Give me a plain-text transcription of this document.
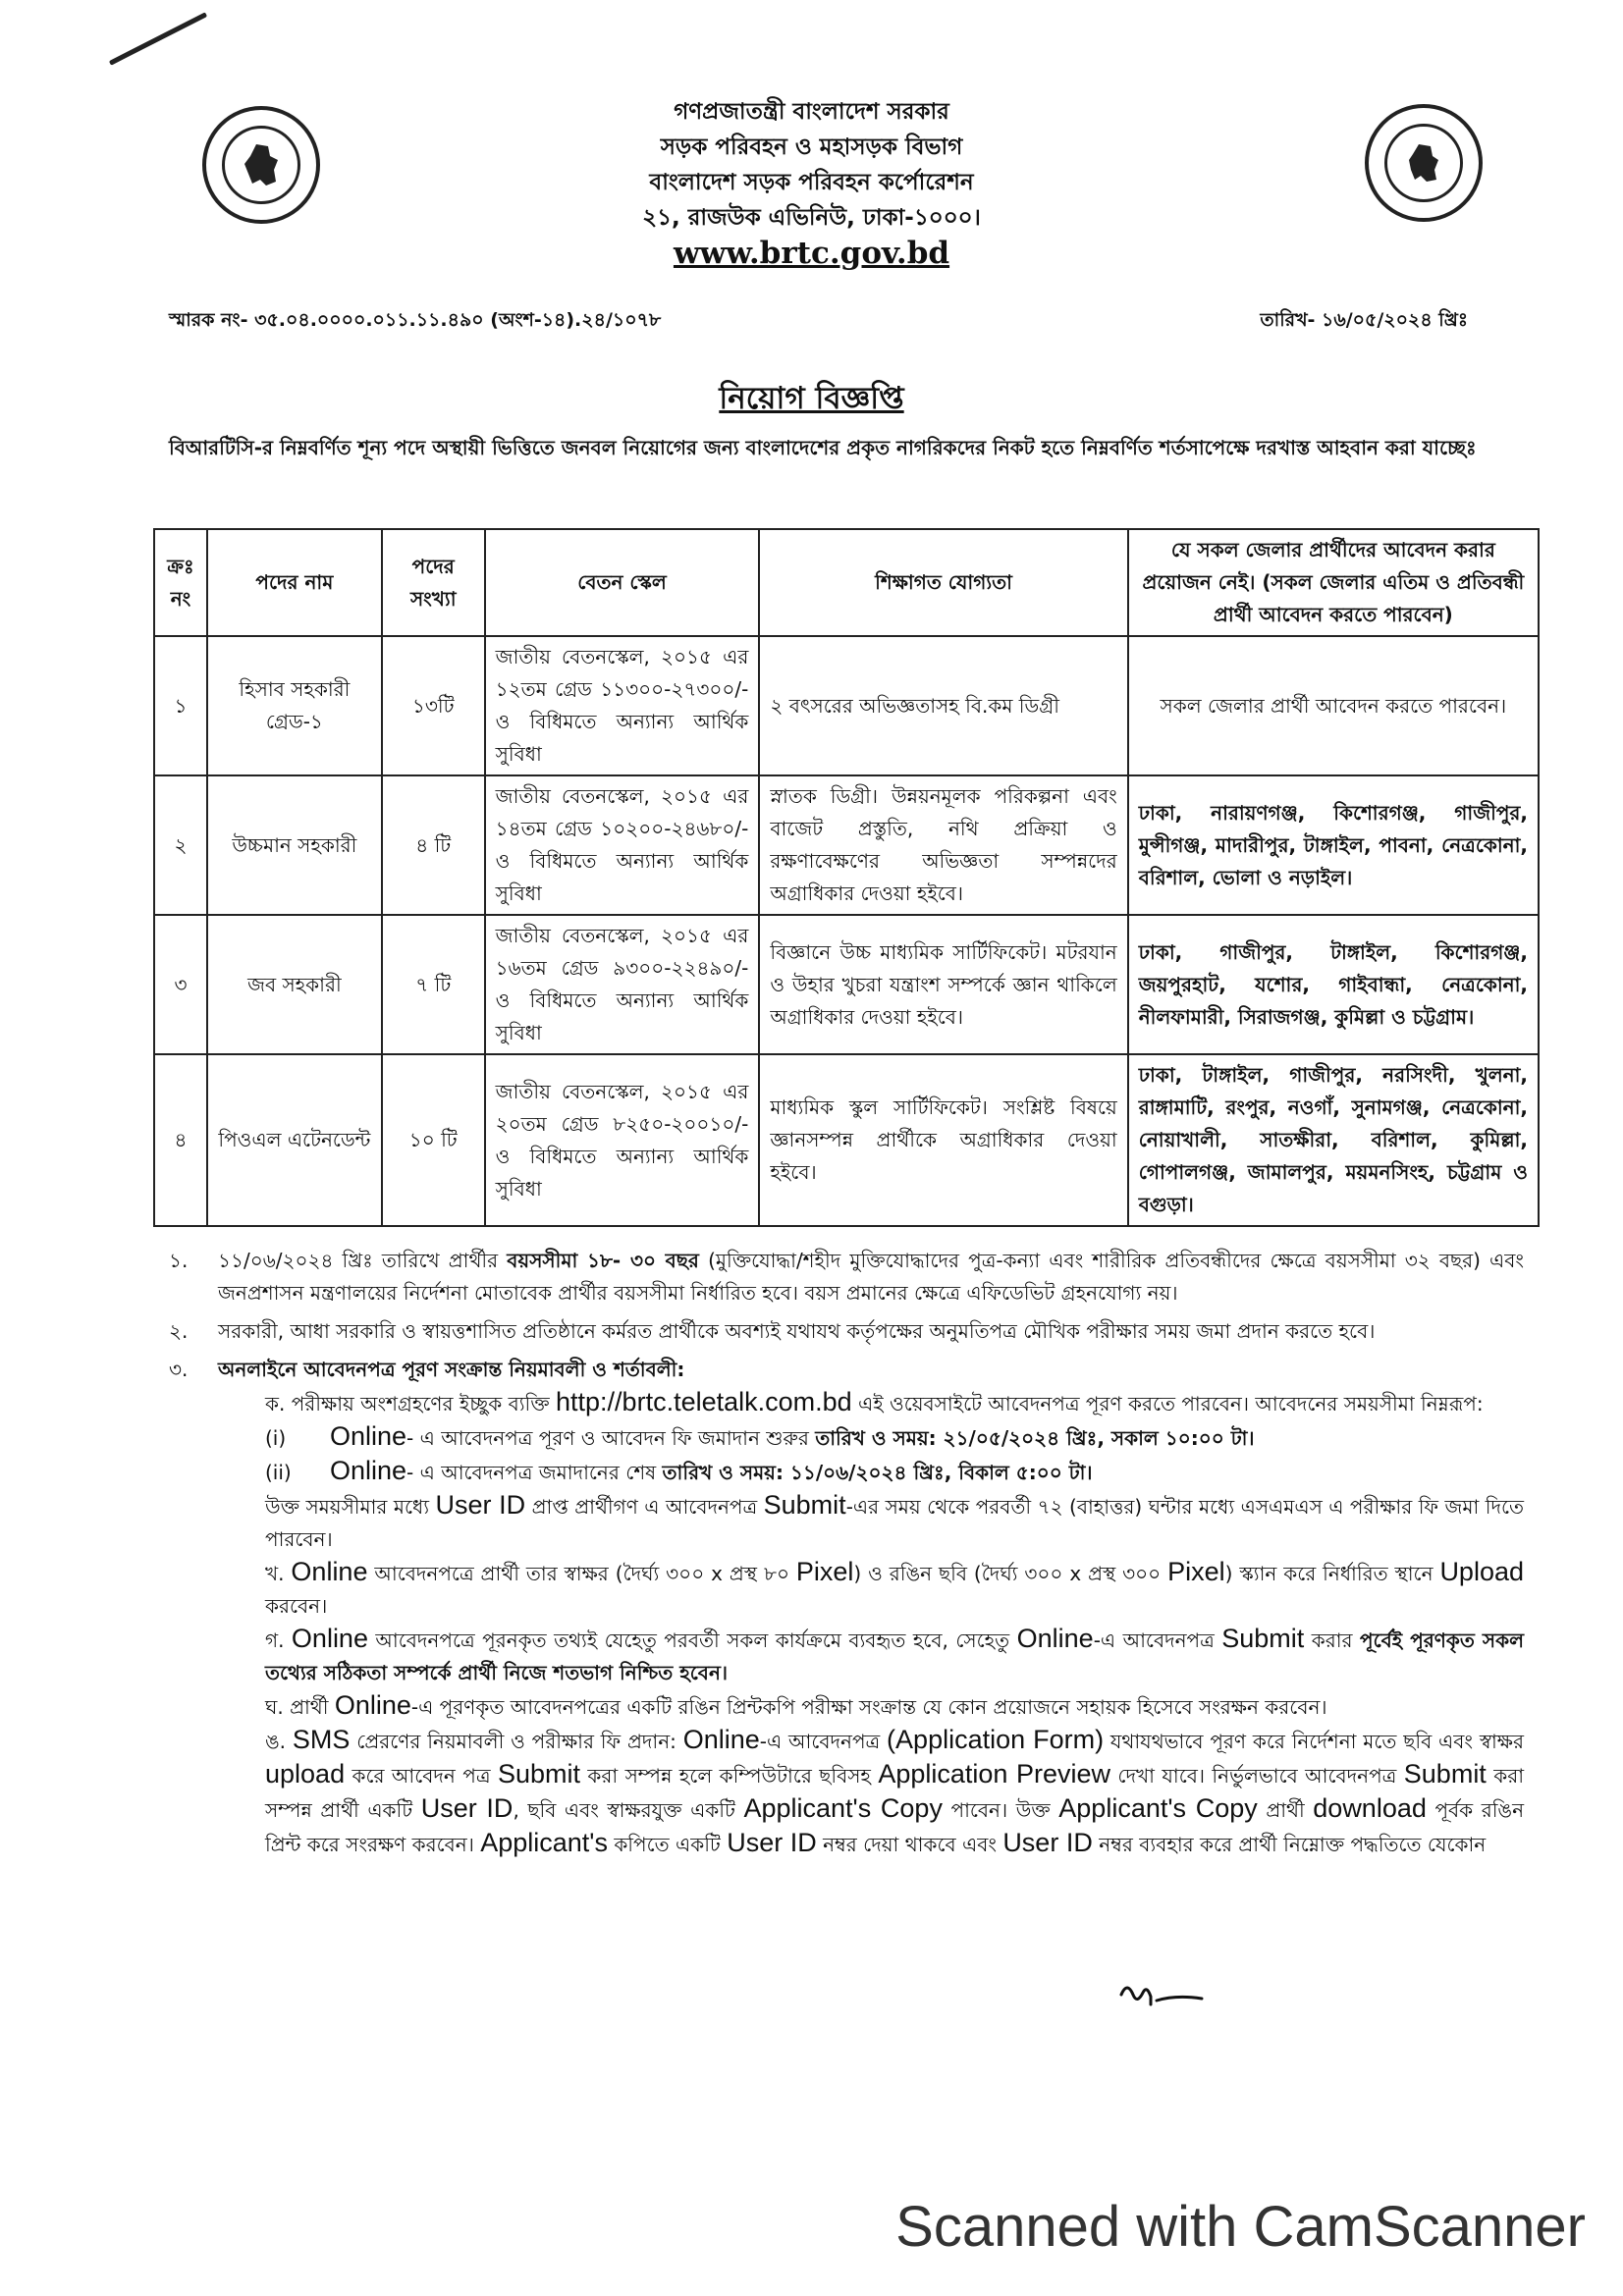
গণপ্রজাতন্ত্রী বাংলাদেশ সরকার
সড়ক পরিবহন ও মহাসড়ক বিভাগ
বাংলাদেশ সড়ক পরিবহন কর্পোরেশন
২১, রাজউক এভিনিউ, ঢাকা-১০০০।
www.brtc.gov.bd
স্মারক নং- ৩৫.০৪.০০০০.০১১.১১.৪৯০ (অংশ-১৪).২৪/১০৭৮	তারিখ- ১৬/০৫/২০২৪ খ্রিঃ
নিয়োগ বিজ্ঞপ্তি
বিআরটিসি-র নিম্নবর্ণিত শূন্য পদে অস্থায়ী ভিত্তিতে জনবল নিয়োগের জন্য বাংলাদেশের প্রকৃত নাগরিকদের নিকট হতে নিম্নবর্ণিত শর্তসাপেক্ষে দরখাস্ত আহবান করা যাচ্ছেঃ
ক্রঃ নং	পদের নাম	পদের সংখ্যা	বেতন স্কেল	শিক্ষাগত যোগ্যতা	যে সকল জেলার প্রার্থীদের আবেদন করার প্রয়োজন নেই। (সকল জেলার এতিম ও প্রতিবন্ধী প্রার্থী আবেদন করতে পারবেন)
১	হিসাব সহকারী গ্রেড-১	১৩টি	জাতীয় বেতনস্কেল, ২০১৫ এর ১২তম গ্রেড ১১৩০০-২৭৩০০/- ও বিধিমতে অন্যান্য আর্থিক সুবিধা	২ বৎসরের অভিজ্ঞতাসহ বি.কম ডিগ্রী	সকল জেলার প্রার্থী আবেদন করতে পারবেন।
২	উচ্চমান সহকারী	৪ টি	জাতীয় বেতনস্কেল, ২০১৫ এর ১৪তম গ্রেড ১০২০০-২৪৬৮০/- ও বিধিমতে অন্যান্য আর্থিক সুবিধা	স্নাতক ডিগ্রী। উন্নয়নমূলক পরিকল্পনা এবং বাজেট প্রস্তুতি, নথি প্রক্রিয়া ও রক্ষণাবেক্ষণের অভিজ্ঞতা সম্পন্নদের অগ্রাধিকার দেওয়া হইবে।	ঢাকা, নারায়ণগঞ্জ, কিশোরগঞ্জ, গাজীপুর, মুন্সীগঞ্জ, মাদারীপুর, টাঙ্গাইল, পাবনা, নেত্রকোনা, বরিশাল, ভোলা ও নড়াইল।
৩	জব সহকারী	৭ টি	জাতীয় বেতনস্কেল, ২০১৫ এর ১৬তম গ্রেড ৯৩০০-২২৪৯০/- ও বিধিমতে অন্যান্য আর্থিক সুবিধা	বিজ্ঞানে উচ্চ মাধ্যমিক সার্টিফিকেট। মটরযান ও উহার খুচরা যন্ত্রাংশ সম্পর্কে জ্ঞান থাকিলে অগ্রাধিকার দেওয়া হইবে।	ঢাকা, গাজীপুর, টাঙ্গাইল, কিশোরগঞ্জ, জয়পুরহাট, যশোর, গাইবান্ধা, নেত্রকোনা, নীলফামারী, সিরাজগঞ্জ, কুমিল্লা ও চট্টগ্রাম।
৪	পিওএল এটেনডেন্ট	১০ টি	জাতীয় বেতনস্কেল, ২০১৫ এর ২০তম গ্রেড ৮২৫০-২০০১০/- ও বিধিমতে অন্যান্য আর্থিক সুবিধা	মাধ্যমিক স্কুল সার্টিফিকেট। সংশ্লিষ্ট বিষয়ে জ্ঞানসম্পন্ন প্রার্থীকে অগ্রাধিকার দেওয়া হইবে।	ঢাকা, টাঙ্গাইল, গাজীপুর, নরসিংদী, খুলনা, রাঙ্গামাটি, রংপুর, নওগাঁ, সুনামগঞ্জ, নেত্রকোনা, নোয়াখালী, সাতক্ষীরা, বরিশাল, কুমিল্লা, গোপালগঞ্জ, জামালপুর, ময়মনসিংহ, চট্টগ্রাম ও বগুড়া।
১. ১১/০৬/২০২৪ খ্রিঃ তারিখে প্রার্থীর বয়সসীমা ১৮- ৩০ বছর (মুক্তিযোদ্ধা/শহীদ মুক্তিযোদ্ধাদের পুত্র-কন্যা এবং শারীরিক প্রতিবন্ধীদের ক্ষেত্রে বয়সসীমা ৩২ বছর) এবং জনপ্রশাসন মন্ত্রণালয়ের নির্দেশনা মোতাবেক প্রার্থীর বয়সসীমা নির্ধারিত হবে। বয়স প্রমানের ক্ষেত্রে এফিডেভিট গ্রহনযোগ্য নয়।
২. সরকারী, আধা সরকারি ও স্বায়ত্তশাসিত প্রতিষ্ঠানে কর্মরত প্রার্থীকে অবশ্যই যথাযথ কর্তৃপক্ষের অনুমতিপত্র মৌখিক পরীক্ষার সময় জমা প্রদান করতে হবে।
৩. অনলাইনে আবেদনপত্র পূরণ সংক্রান্ত নিয়মাবলী ও শর্তাবলী:
ক. পরীক্ষায় অংশগ্রহণের ইচ্ছুক ব্যক্তি http://brtc.teletalk.com.bd এই ওয়েবসাইটে আবেদনপত্র পূরণ করতে পারবেন। আবেদনের সময়সীমা নিম্নরূপ:
(i) Online- এ আবেদনপত্র পূরণ ও আবেদন ফি জমাদান শুরুর তারিখ ও সময়: ২১/০৫/২০২৪ খ্রিঃ, সকাল ১০:০০ টা।
(ii) Online- এ আবেদনপত্র জমাদানের শেষ তারিখ ও সময়: ১১/০৬/২০২৪ খ্রিঃ, বিকাল ৫:০০ টা।
উক্ত সময়সীমার মধ্যে User ID প্রাপ্ত প্রার্থীগণ এ আবেদনপত্র Submit-এর সময় থেকে পরবর্তী ৭২ (বাহাত্তর) ঘন্টার মধ্যে এসএমএস এ পরীক্ষার ফি জমা দিতে পারবেন।
খ. Online আবেদনপত্রে প্রার্থী তার স্বাক্ষর (দৈর্ঘ্য ৩০০ x প্রস্থ ৮০ Pixel) ও রঙিন ছবি (দৈর্ঘ্য ৩০০ x প্রস্থ ৩০০ Pixel) স্ক্যান করে নির্ধারিত স্থানে Upload করবেন।
গ. Online আবেদনপত্রে পূরনকৃত তথ্যই যেহেতু পরবর্তী সকল কার্যক্রমে ব্যবহৃত হবে, সেহেতু Online-এ আবেদনপত্র Submit করার পূর্বেই পূরণকৃত সকল তথ্যের সঠিকতা সম্পর্কে প্রার্থী নিজে শতভাগ নিশ্চিত হবেন।
ঘ. প্রার্থী Online-এ পূরণকৃত আবেদনপত্রের একটি রঙিন প্রিন্টকপি পরীক্ষা সংক্রান্ত যে কোন প্রয়োজনে সহায়ক হিসেবে সংরক্ষন করবেন।
ঙ. SMS প্রেরণের নিয়মাবলী ও পরীক্ষার ফি প্রদান: Online-এ আবেদনপত্র (Application Form) যথাযথভাবে পূরণ করে নির্দেশনা মতে ছবি এবং স্বাক্ষর upload করে আবেদন পত্র Submit করা সম্পন্ন হলে কম্পিউটারে ছবিসহ Application Preview দেখা যাবে। নির্ভুলভাবে আবেদনপত্র Submit করা সম্পন্ন প্রার্থী একটি User ID, ছবি এবং স্বাক্ষরযুক্ত একটি Applicant's Copy পাবেন। উক্ত Applicant's Copy প্রার্থী download পূর্বক রঙিন প্রিন্ট করে সংরক্ষণ করবেন। Applicant's কপিতে একটি User ID নম্বর দেয়া থাকবে এবং User ID নম্বর ব্যবহার করে প্রার্থী নিম্নোক্ত পদ্ধতিতে যেকোন
Scanned with CamScanner
